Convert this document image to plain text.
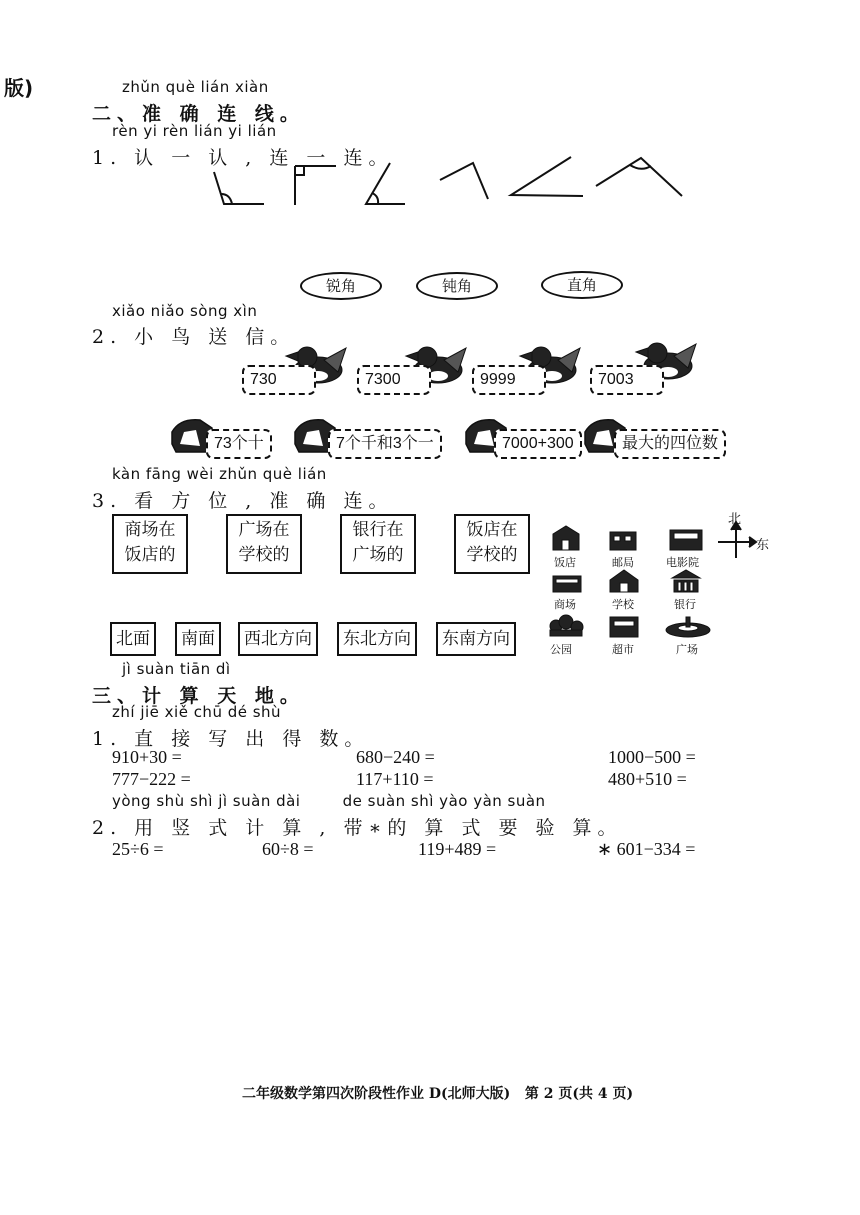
版)	zhǔn què lián xiàn
二、准 确 连 线。
rèn yi rèn lián yi lián
1. 认 一 认 , 连 一 连。
锐角	钝角	直角
xiǎo niǎo sòng xìn
2. 小 鸟 送 信。
730	7300	9999	7003
73个十	7个千和3个一	7000+300	最大的四位数
kàn fāng wèi zhǔn què lián
3. 看 方 位 , 准 确 连。
商场在
饭店的
广场在
学校的
银行在
广场的
饭店在
学校的
北面	南面	西北方向	东北方向	东南方向
饭店	邮局	电影院
商场	学校	银行
公园	超市	广场
北
东
jì suàn tiān dì
三、计 算 天 地。
zhí jiē xiě chū dé shù
1. 直 接 写 出 得 数。
910+30 =	680−240 =	1000−500 =
777−222 =	117+110 =	480+510 =
yòng shù shì jì suàn dài        de suàn shì yào yàn suàn
2. 用 竖 式 计 算 , 带∗的 算 式 要 验 算。
25÷6 =	60÷8 =	119+489 =	∗ 601−334 =
二年级数学第四次阶段性作业 D(北师大版)   第 2 页(共 4 页)
